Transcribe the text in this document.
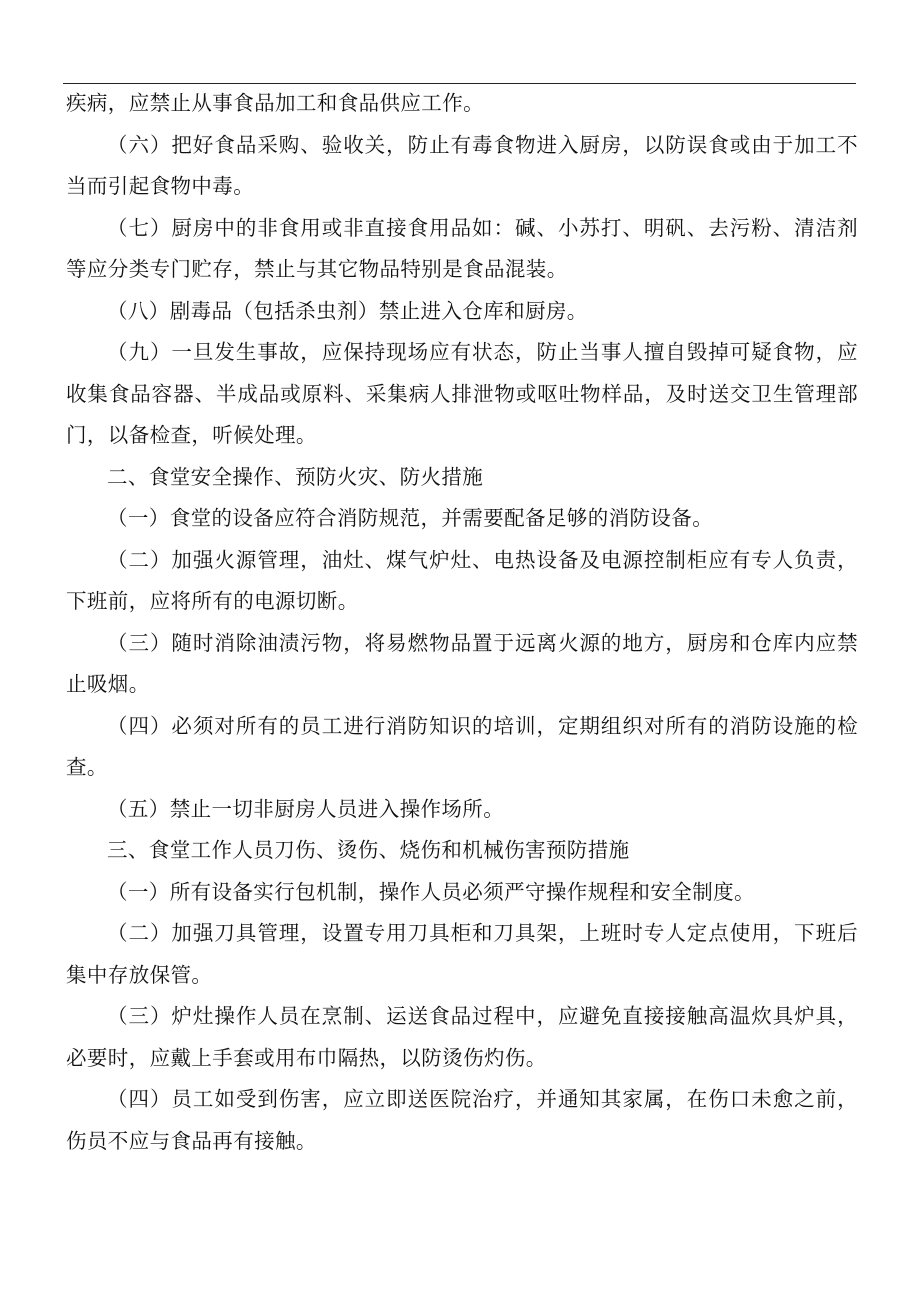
疾病，应禁止从事食品加工和食品供应工作。

（六）把好食品采购、验收关，防止有毒食物进入厨房，以防误食或由于加工不当而引起食物中毒。

（七）厨房中的非食用或非直接食用品如：碱、小苏打、明矾、去污粉、清洁剂等应分类专门贮存，禁止与其它物品特别是食品混装。

（八）剧毒品（包括杀虫剂）禁止进入仓库和厨房。

（九）一旦发生事故，应保持现场应有状态，防止当事人擅自毁掉可疑食物，应收集食品容器、半成品或原料、采集病人排泄物或呕吐物样品，及时送交卫生管理部门，以备检查，听候处理。

二、食堂安全操作、预防火灾、防火措施

（一）食堂的设备应符合消防规范，并需要配备足够的消防设备。

（二）加强火源管理，油灶、煤气炉灶、电热设备及电源控制柜应有专人负责，下班前，应将所有的电源切断。

（三）随时消除油渍污物，将易燃物品置于远离火源的地方，厨房和仓库内应禁止吸烟。

（四）必须对所有的员工进行消防知识的培训，定期组织对所有的消防设施的检查。

（五）禁止一切非厨房人员进入操作场所。

三、食堂工作人员刀伤、烫伤、烧伤和机械伤害预防措施

（一）所有设备实行包机制，操作人员必须严守操作规程和安全制度。

（二）加强刀具管理，设置专用刀具柜和刀具架，上班时专人定点使用，下班后集中存放保管。

（三）炉灶操作人员在烹制、运送食品过程中，应避免直接接触高温炊具炉具，必要时，应戴上手套或用布巾隔热，以防烫伤灼伤。

（四）员工如受到伤害，应立即送医院治疗，并通知其家属，在伤口未愈之前，伤员不应与食品再有接触。
